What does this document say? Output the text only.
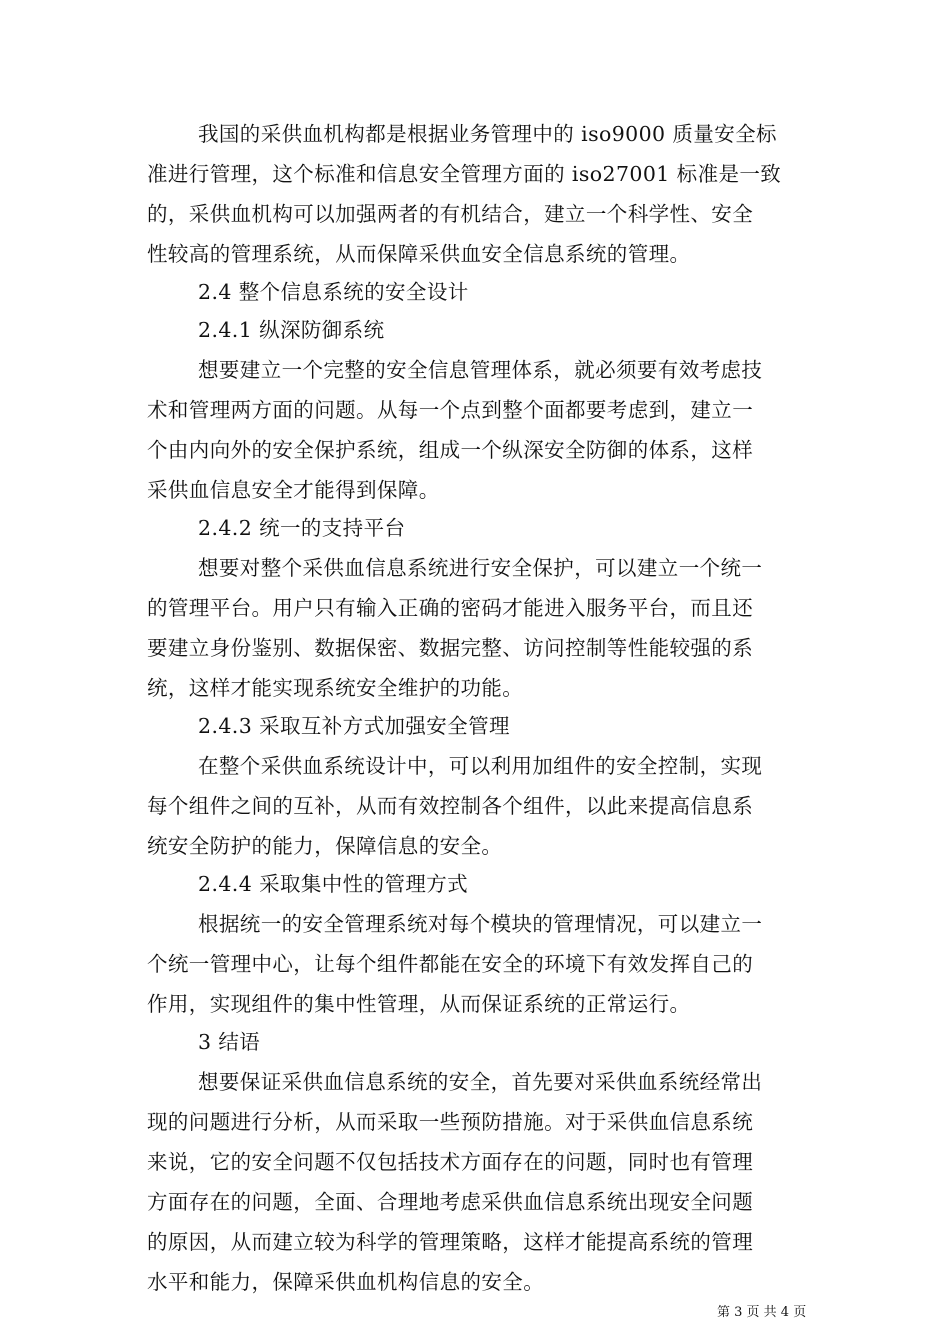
我国的采供血机构都是根据业务管理中的 iso9000 质量安全标
准进行管理，这个标准和信息安全管理方面的 iso27001 标准是一致
的，采供血机构可以加强两者的有机结合，建立一个科学性、安全
性较高的管理系统，从而保障采供血安全信息系统的管理。
2.4 整个信息系统的安全设计
2.4.1 纵深防御系统
想要建立一个完整的安全信息管理体系，就必须要有效考虑技
术和管理两方面的问题。从每一个点到整个面都要考虑到，建立一
个由内向外的安全保护系统，组成一个纵深安全防御的体系，这样
采供血信息安全才能得到保障。
2.4.2 统一的支持平台
想要对整个采供血信息系统进行安全保护，可以建立一个统一
的管理平台。用户只有输入正确的密码才能进入服务平台，而且还
要建立身份鉴别、数据保密、数据完整、访问控制等性能较强的系
统，这样才能实现系统安全维护的功能。
2.4.3 采取互补方式加强安全管理
在整个采供血系统设计中，可以利用加组件的安全控制，实现
每个组件之间的互补，从而有效控制各个组件，以此来提高信息系
统安全防护的能力，保障信息的安全。
2.4.4 采取集中性的管理方式
根据统一的安全管理系统对每个模块的管理情况，可以建立一
个统一管理中心，让每个组件都能在安全的环境下有效发挥自己的
作用，实现组件的集中性管理，从而保证系统的正常运行。
3 结语
想要保证采供血信息系统的安全，首先要对采供血系统经常出
现的问题进行分析，从而采取一些预防措施。对于采供血信息系统
来说，它的安全问题不仅包括技术方面存在的问题，同时也有管理
方面存在的问题，全面、合理地考虑采供血信息系统出现安全问题
的原因，从而建立较为科学的管理策略，这样才能提高系统的管理
水平和能力，保障采供血机构信息的安全。
第 3 页 共 4 页
